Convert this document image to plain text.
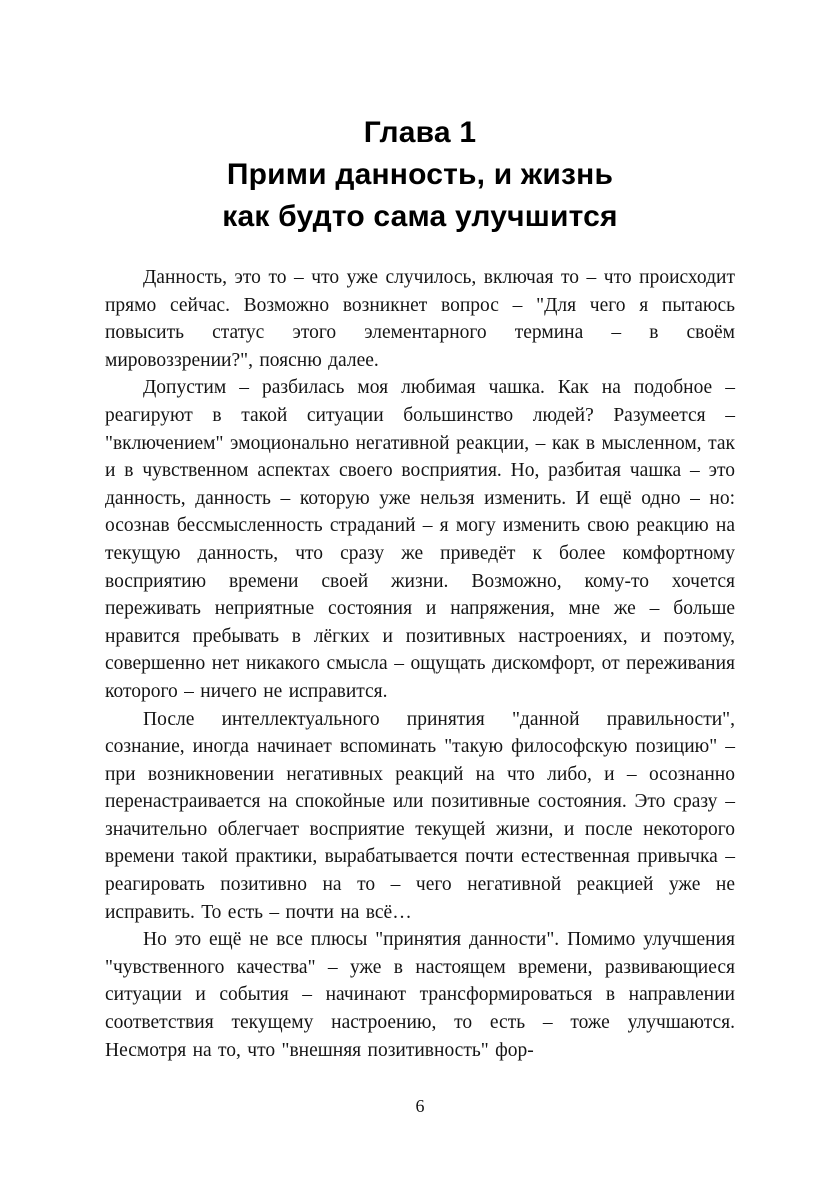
Глава 1
Прими данность, и жизнь
как будто сама улучшится

Данность, это то – что уже случилось, включая то – что происходит прямо сейчас. Возможно возникнет вопрос – "Для чего я пытаюсь повысить статус этого элементарного термина – в своём мировоззрении?", поясню далее.

Допустим – разбилась моя любимая чашка. Как на подобное – реагируют в такой ситуации большинство людей? Разумеется – "включением" эмоционально негативной реакции, – как в мысленном, так и в чувственном аспектах своего восприятия. Но, разбитая чашка – это данность, данность – которую уже нельзя изменить. И ещё одно – но: осознав бессмысленность страданий – я могу изменить свою реакцию на текущую данность, что сразу же приведёт к более комфортному восприятию времени своей жизни. Возможно, кому-то хочется переживать неприятные состояния и напряжения, мне же – больше нравится пребывать в лёгких и позитивных настроениях, и поэтому, совершенно нет никакого смысла – ощущать дискомфорт, от переживания которого – ничего не исправится.

После интеллектуального принятия "данной правильности", сознание, иногда начинает вспоминать "такую философскую позицию" – при возникновении негативных реакций на что либо, и – осознанно перенастраивается на спокойные или позитивные состояния. Это сразу – значительно облегчает восприятие текущей жизни, и после некоторого времени такой практики, вырабатывается почти естественная привычка – реагировать позитивно на то – чего негативной реакцией уже не исправить. То есть – почти на всё…

Но это ещё не все плюсы "принятия данности". Помимо улучшения "чувственного качества" – уже в настоящем времени, развивающиеся ситуации и события – начинают трансформироваться в направлении соответствия текущему настроению, то есть – тоже улучшаются. Несмотря на то, что "внешняя позитивность" фор-

6
